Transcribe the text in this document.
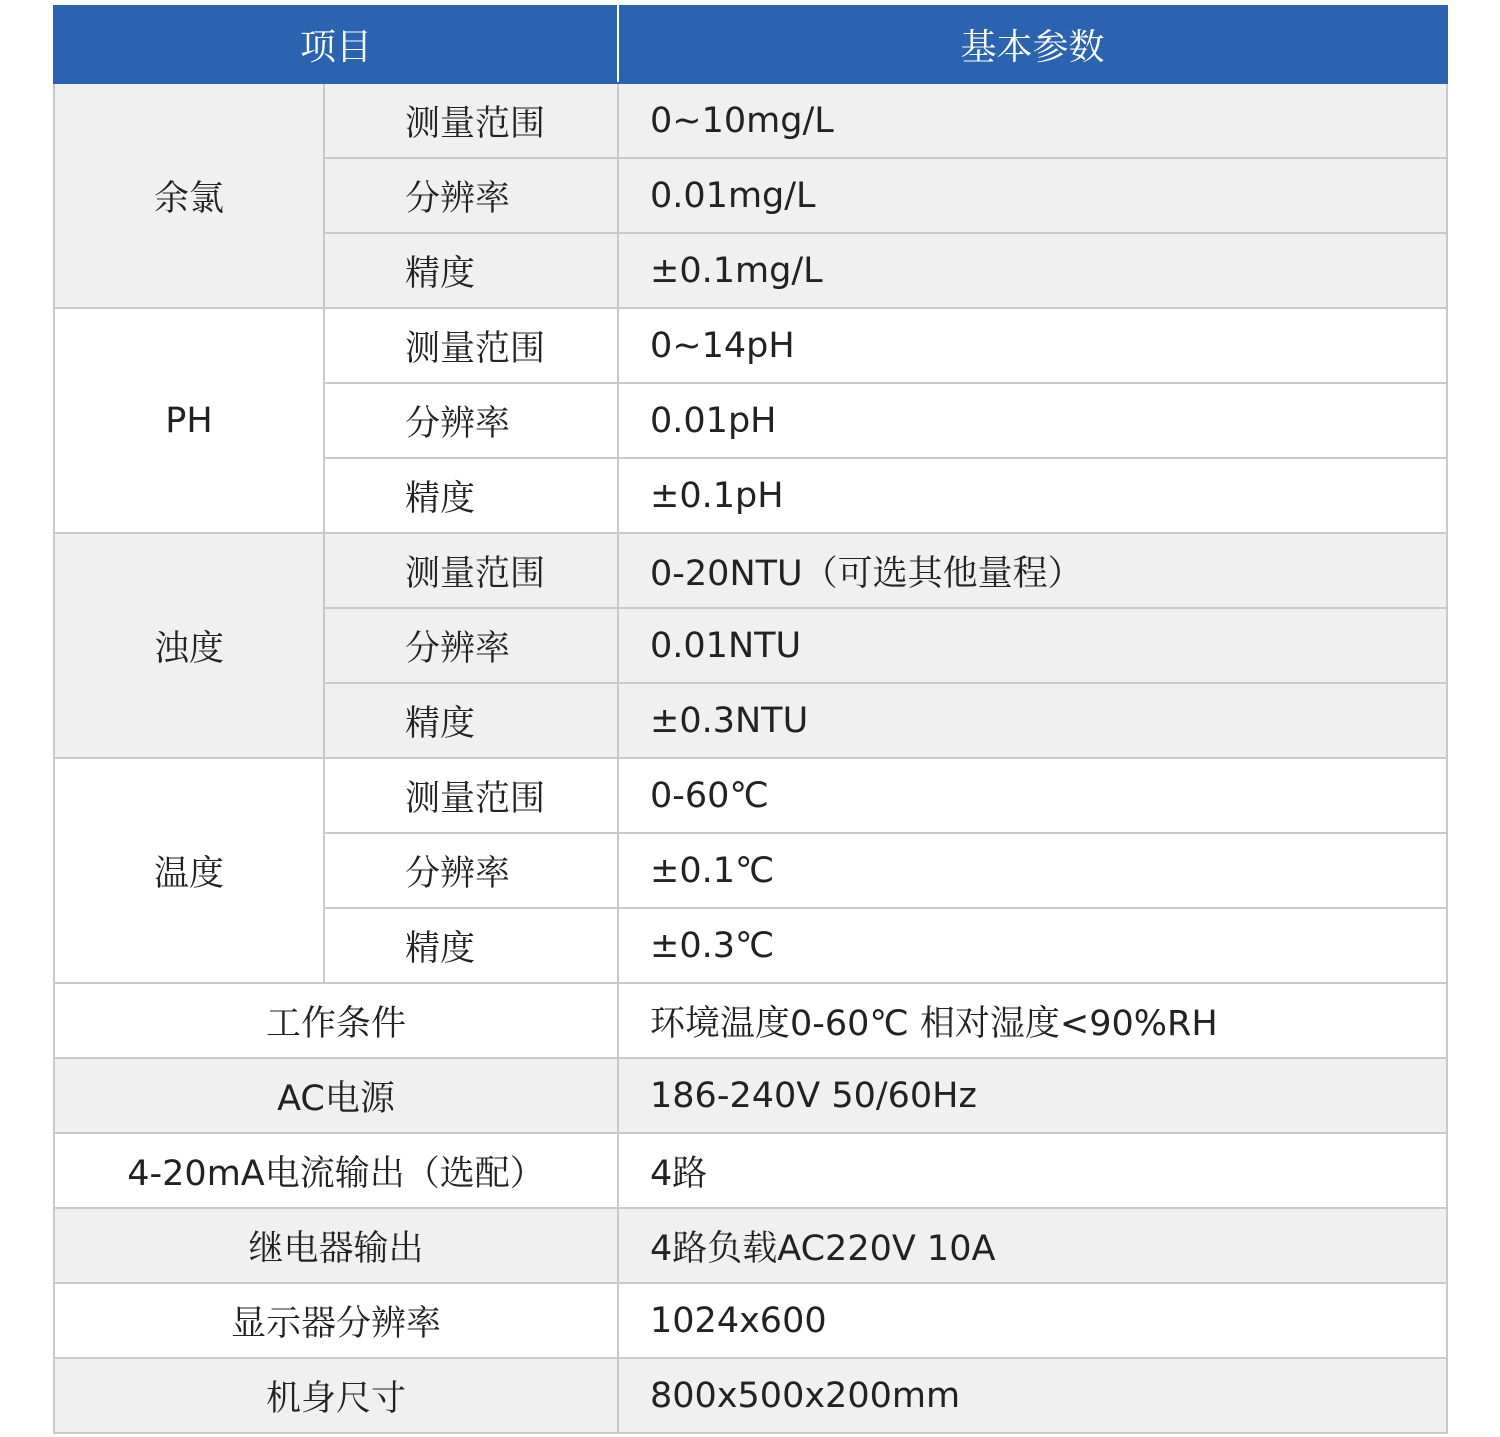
项目		基本参数
余氯	测量范围	0~10mg/L
	分辨率	0.01mg/L
	精度	±0.1mg/L
PH	测量范围	0~14pH
	分辨率	0.01pH
	精度	±0.1pH
浊度	测量范围	0-20NTU（可选其他量程）
	分辨率	0.01NTU
	精度	±0.3NTU
温度	测量范围	0-60℃
	分辨率	±0.1℃
	精度	±0.3℃
工作条件		环境温度0-60℃ 相对湿度<90%RH
AC电源		186-240V 50/60Hz
4-20mA电流输出（选配）		4路
继电器输出		4路负载AC220V 10A
显示器分辨率		1024x600
机身尺寸		800x500x200mm
